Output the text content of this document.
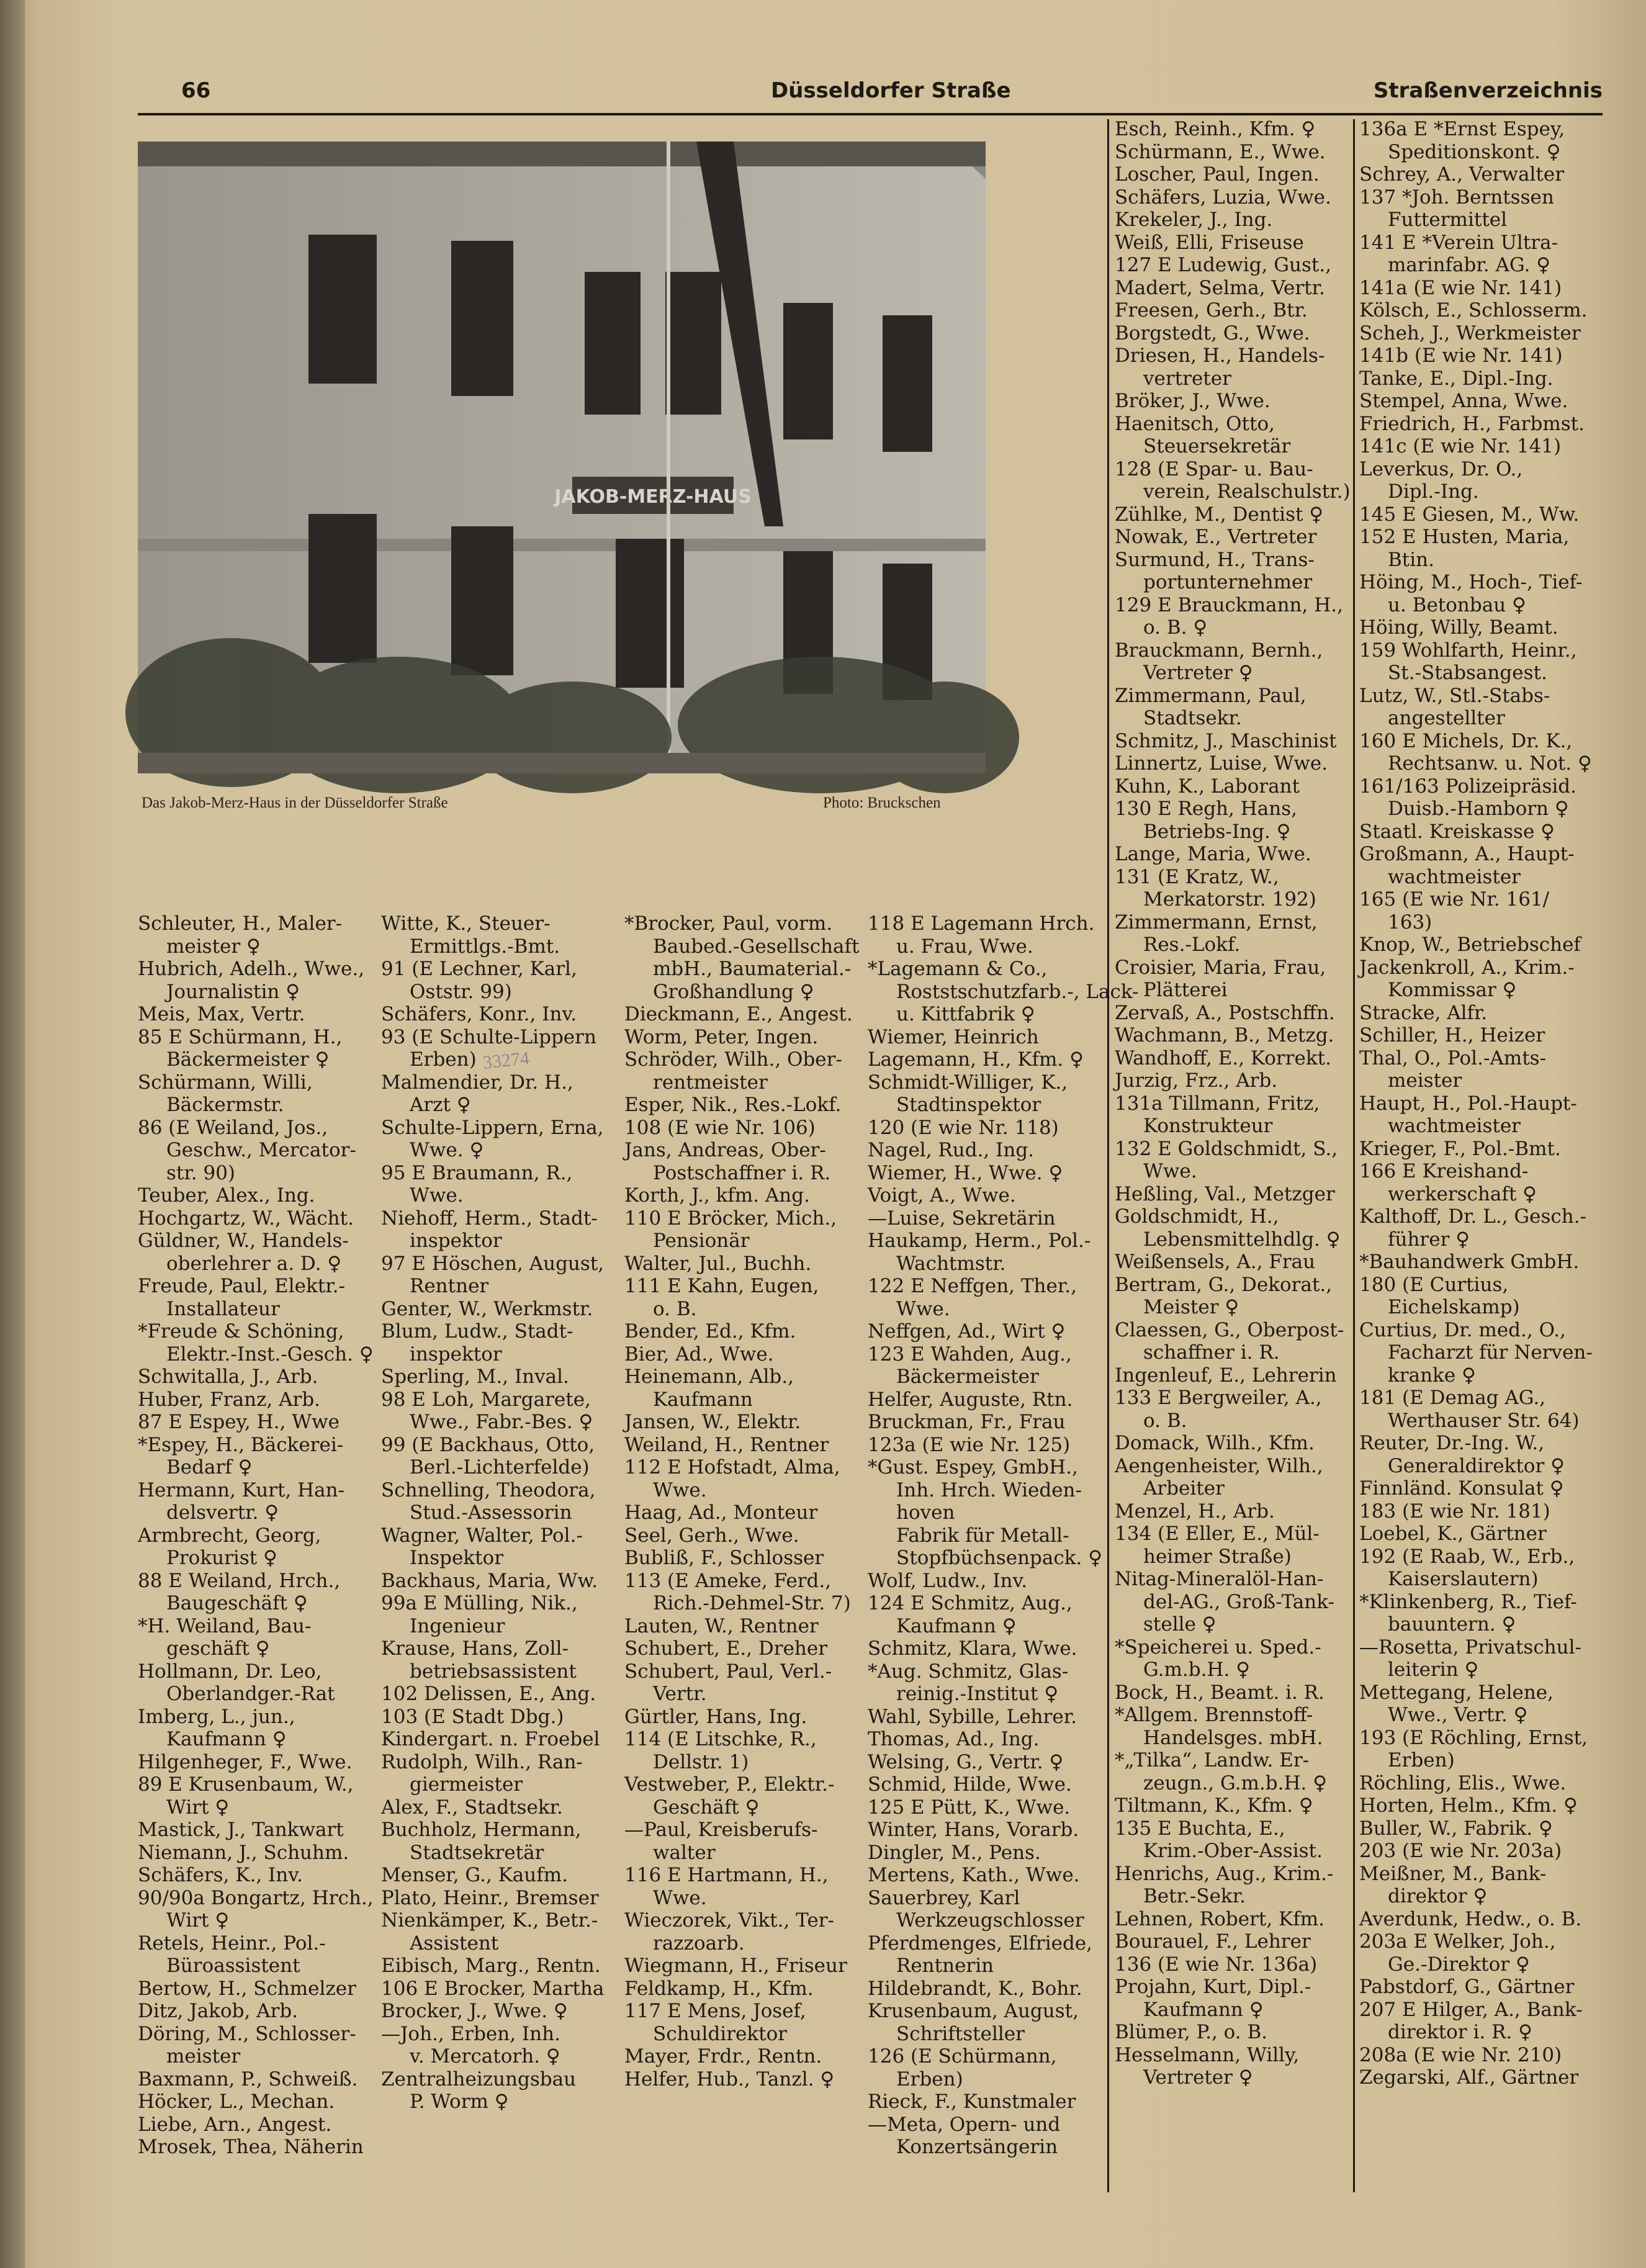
66	Düsseldorfer Straße	Straßenverzeichnis
JAKOB-MERZ-HAUS
Das Jakob-Merz-Haus in der Düsseldorfer Straße	Photo: Bruckschen
33274
Schleuter, H., Maler-
meister ♀
Hubrich, Adelh., Wwe.,
Journalistin ♀
Meis, Max, Vertr.
85 E Schürmann, H.,
Bäckermeister ♀
Schürmann, Willi,
Bäckermstr.
86 (E Weiland, Jos.,
Geschw., Mercator-
str. 90)
Teuber, Alex., Ing.
Hochgartz, W., Wächt.
Güldner, W., Handels-
oberlehrer a. D. ♀
Freude, Paul, Elektr.-
Installateur
*Freude & Schöning,
Elektr.-Inst.-Gesch. ♀
Schwitalla, J., Arb.
Huber, Franz, Arb.
87 E Espey, H., Wwe
*Espey, H., Bäckerei-
Bedarf ♀
Hermann, Kurt, Han-
delsvertr. ♀
Armbrecht, Georg,
Prokurist ♀
88 E Weiland, Hrch.,
Baugeschäft ♀
*H. Weiland, Bau-
geschäft ♀
Hollmann, Dr. Leo,
Oberlandger.-Rat
Imberg, L., jun.,
Kaufmann ♀
Hilgenheger, F., Wwe.
89 E Krusenbaum, W.,
Wirt ♀
Mastick, J., Tankwart
Niemann, J., Schuhm.
Schäfers, K., Inv.
90/90a Bongartz, Hrch.,
Wirt ♀
Retels, Heinr., Pol.-
Büroassistent
Bertow, H., Schmelzer
Ditz, Jakob, Arb.
Döring, M., Schlosser-
meister
Baxmann, P., Schweiß.
Höcker, L., Mechan.
Liebe, Arn., Angest.
Mrosek, Thea, Näherin
Witte, K., Steuer-
Ermittlgs.-Bmt.
91 (E Lechner, Karl,
Oststr. 99)
Schäfers, Konr., Inv.
93 (E Schulte-Lippern
Erben)
Malmendier, Dr. H.,
Arzt ♀
Schulte-Lippern, Erna,
Wwe. ♀
95 E Braumann, R.,
Wwe.
Niehoff, Herm., Stadt-
inspektor
97 E Höschen, August,
Rentner
Genter, W., Werkmstr.
Blum, Ludw., Stadt-
inspektor
Sperling, M., Inval.
98 E Loh, Margarete,
Wwe., Fabr.-Bes. ♀
99 (E Backhaus, Otto,
Berl.-Lichterfelde)
Schnelling, Theodora,
Stud.-Assessorin
Wagner, Walter, Pol.-
Inspektor
Backhaus, Maria, Ww.
99a E Mülling, Nik.,
Ingenieur
Krause, Hans, Zoll-
betriebsassistent
102 Delissen, E., Ang.
103 (E Stadt Dbg.)
Kindergart. n. Froebel
Rudolph, Wilh., Ran-
giermeister
Alex, F., Stadtsekr.
Buchholz, Hermann,
Stadtsekretär
Menser, G., Kaufm.
Plato, Heinr., Bremser
Nienkämper, K., Betr.-
Assistent
Eibisch, Marg., Rentn.
106 E Brocker, Martha
Brocker, J., Wwe. ♀
—Joh., Erben, Inh.
v. Mercatorh. ♀
Zentralheizungsbau
P. Worm ♀
*Brocker, Paul, vorm.
Baubed.-Gesellschaft
mbH., Baumaterial.-
Großhandlung ♀
Dieckmann, E., Angest.
Worm, Peter, Ingen.
Schröder, Wilh., Ober-
rentmeister
Esper, Nik., Res.-Lokf.
108 (E wie Nr. 106)
Jans, Andreas, Ober-
Postschaffner i. R.
Korth, J., kfm. Ang.
110 E Bröcker, Mich.,
Pensionär
Walter, Jul., Buchh.
111 E Kahn, Eugen,
o. B.
Bender, Ed., Kfm.
Bier, Ad., Wwe.
Heinemann, Alb.,
Kaufmann
Jansen, W., Elektr.
Weiland, H., Rentner
112 E Hofstadt, Alma,
Wwe.
Haag, Ad., Monteur
Seel, Gerh., Wwe.
Bubliß, F., Schlosser
113 (E Ameke, Ferd.,
Rich.-Dehmel-Str. 7)
Lauten, W., Rentner
Schubert, E., Dreher
Schubert, Paul, Verl.-
Vertr.
Gürtler, Hans, Ing.
114 (E Litschke, R.,
Dellstr. 1)
Vestweber, P., Elektr.-
Geschäft ♀
—Paul, Kreisberufs-
walter
116 E Hartmann, H.,
Wwe.
Wieczorek, Vikt., Ter-
razzoarb.
Wiegmann, H., Friseur
Feldkamp, H., Kfm.
117 E Mens, Josef,
Schuldirektor
Mayer, Frdr., Rentn.
Helfer, Hub., Tanzl. ♀
118 E Lagemann Hrch.
u. Frau, Wwe.
*Lagemann & Co.,
Roststschutzfarb.-, Lack-
u. Kittfabrik ♀
Wiemer, Heinrich
Lagemann, H., Kfm. ♀
Schmidt-Williger, K.,
Stadtinspektor
120 (E wie Nr. 118)
Nagel, Rud., Ing.
Wiemer, H., Wwe. ♀
Voigt, A., Wwe.
—Luise, Sekretärin
Haukamp, Herm., Pol.-
Wachtmstr.
122 E Neffgen, Ther.,
Wwe.
Neffgen, Ad., Wirt ♀
123 E Wahden, Aug.,
Bäckermeister
Helfer, Auguste, Rtn.
Bruckman, Fr., Frau
123a (E wie Nr. 125)
*Gust. Espey, GmbH.,
Inh. Hrch. Wieden-
hoven
Fabrik für Metall-
Stopfbüchsenpack. ♀
Wolf, Ludw., Inv.
124 E Schmitz, Aug.,
Kaufmann ♀
Schmitz, Klara, Wwe.
*Aug. Schmitz, Glas-
reinig.-Institut ♀
Wahl, Sybille, Lehrer.
Thomas, Ad., Ing.
Welsing, G., Vertr. ♀
Schmid, Hilde, Wwe.
125 E Pütt, K., Wwe.
Winter, Hans, Vorarb.
Dingler, M., Pens.
Mertens, Kath., Wwe.
Sauerbrey, Karl
Werkzeugschlosser
Pferdmenges, Elfriede,
Rentnerin
Hildebrandt, K., Bohr.
Krusenbaum, August,
Schriftsteller
126 (E Schürmann,
Erben)
Rieck, F., Kunstmaler
—Meta, Opern- und
Konzertsängerin
Esch, Reinh., Kfm. ♀
Schürmann, E., Wwe.
Loscher, Paul, Ingen.
Schäfers, Luzia, Wwe.
Krekeler, J., Ing.
Weiß, Elli, Friseuse
127 E Ludewig, Gust.,
Madert, Selma, Vertr.
Freesen, Gerh., Btr.
Borgstedt, G., Wwe.
Driesen, H., Handels-
vertreter
Bröker, J., Wwe.
Haenitsch, Otto,
Steuersekretär
128 (E Spar- u. Bau-
verein, Realschulstr.)
Zühlke, M., Dentist ♀
Nowak, E., Vertreter
Surmund, H., Trans-
portunternehmer
129 E Brauckmann, H.,
o. B. ♀
Brauckmann, Bernh.,
Vertreter ♀
Zimmermann, Paul,
Stadtsekr.
Schmitz, J., Maschinist
Linnertz, Luise, Wwe.
Kuhn, K., Laborant
130 E Regh, Hans,
Betriebs-Ing. ♀
Lange, Maria, Wwe.
131 (E Kratz, W.,
Merkatorstr. 192)
Zimmermann, Ernst,
Res.-Lokf.
Croisier, Maria, Frau,
Plätterei
Zervaß, A., Postschffn.
Wachmann, B., Metzg.
Wandhoff, E., Korrekt.
Jurzig, Frz., Arb.
131a Tillmann, Fritz,
Konstrukteur
132 E Goldschmidt, S.,
Wwe.
Heßling, Val., Metzger
Goldschmidt, H.,
Lebensmittelhdlg. ♀
Weißensels, A., Frau
Bertram, G., Dekorat.,
Meister ♀
Claessen, G., Oberpost-
schaffner i. R.
Ingenleuf, E., Lehrerin
133 E Bergweiler, A.,
o. B.
Domack, Wilh., Kfm.
Aengenheister, Wilh.,
Arbeiter
Menzel, H., Arb.
134 (E Eller, E., Mül-
heimer Straße)
Nitag-Mineralöl-Han-
del-AG., Groß-Tank-
stelle ♀
*Speicherei u. Sped.-
G.m.b.H. ♀
Bock, H., Beamt. i. R.
*Allgem. Brennstoff-
Handelsges. mbH.
*„Tilka“, Landw. Er-
zeugn., G.m.b.H. ♀
Tiltmann, K., Kfm. ♀
135 E Buchta, E.,
Krim.-Ober-Assist.
Henrichs, Aug., Krim.-
Betr.-Sekr.
Lehnen, Robert, Kfm.
Bourauel, F., Lehrer
136 (E wie Nr. 136a)
Projahn, Kurt, Dipl.-
Kaufmann ♀
Blümer, P., o. B.
Hesselmann, Willy,
Vertreter ♀
136a E *Ernst Espey,
Speditionskont. ♀
Schrey, A., Verwalter
137 *Joh. Berntssen
Futtermittel
141 E *Verein Ultra-
marinfabr. AG. ♀
141a (E wie Nr. 141)
Kölsch, E., Schlosserm.
Scheh, J., Werkmeister
141b (E wie Nr. 141)
Tanke, E., Dipl.-Ing.
Stempel, Anna, Wwe.
Friedrich, H., Farbmst.
141c (E wie Nr. 141)
Leverkus, Dr. O.,
Dipl.-Ing.
145 E Giesen, M., Ww.
152 E Husten, Maria,
Btin.
Höing, M., Hoch-, Tief-
u. Betonbau ♀
Höing, Willy, Beamt.
159 Wohlfarth, Heinr.,
St.-Stabsangest.
Lutz, W., Stl.-Stabs-
angestellter
160 E Michels, Dr. K.,
Rechtsanw. u. Not. ♀
161/163 Polizeipräsid.
Duisb.-Hamborn ♀
Staatl. Kreiskasse ♀
Großmann, A., Haupt-
wachtmeister
165 (E wie Nr. 161/
163)
Knop, W., Betriebschef
Jackenkroll, A., Krim.-
Kommissar ♀
Stracke, Alfr.
Schiller, H., Heizer
Thal, O., Pol.-Amts-
meister
Haupt, H., Pol.-Haupt-
wachtmeister
Krieger, F., Pol.-Bmt.
166 E Kreishand-
werkerschaft ♀
Kalthoff, Dr. L., Gesch.-
führer ♀
*Bauhandwerk GmbH.
180 (E Curtius,
Eichelskamp)
Curtius, Dr. med., O.,
Facharzt für Nerven-
kranke ♀
181 (E Demag AG.,
Werthauser Str. 64)
Reuter, Dr.-Ing. W.,
Generaldirektor ♀
Finnländ. Konsulat ♀
183 (E wie Nr. 181)
Loebel, K., Gärtner
192 (E Raab, W., Erb.,
Kaiserslautern)
*Klinkenberg, R., Tief-
bauuntern. ♀
—Rosetta, Privatschul-
leiterin ♀
Mettegang, Helene,
Wwe., Vertr. ♀
193 (E Röchling, Ernst,
Erben)
Röchling, Elis., Wwe.
Horten, Helm., Kfm. ♀
Buller, W., Fabrik. ♀
203 (E wie Nr. 203a)
Meißner, M., Bank-
direktor ♀
Averdunk, Hedw., o. B.
203a E Welker, Joh.,
Ge.-Direktor ♀
Pabstdorf, G., Gärtner
207 E Hilger, A., Bank-
direktor i. R. ♀
208a (E wie Nr. 210)
Zegarski, Alf., Gärtner
